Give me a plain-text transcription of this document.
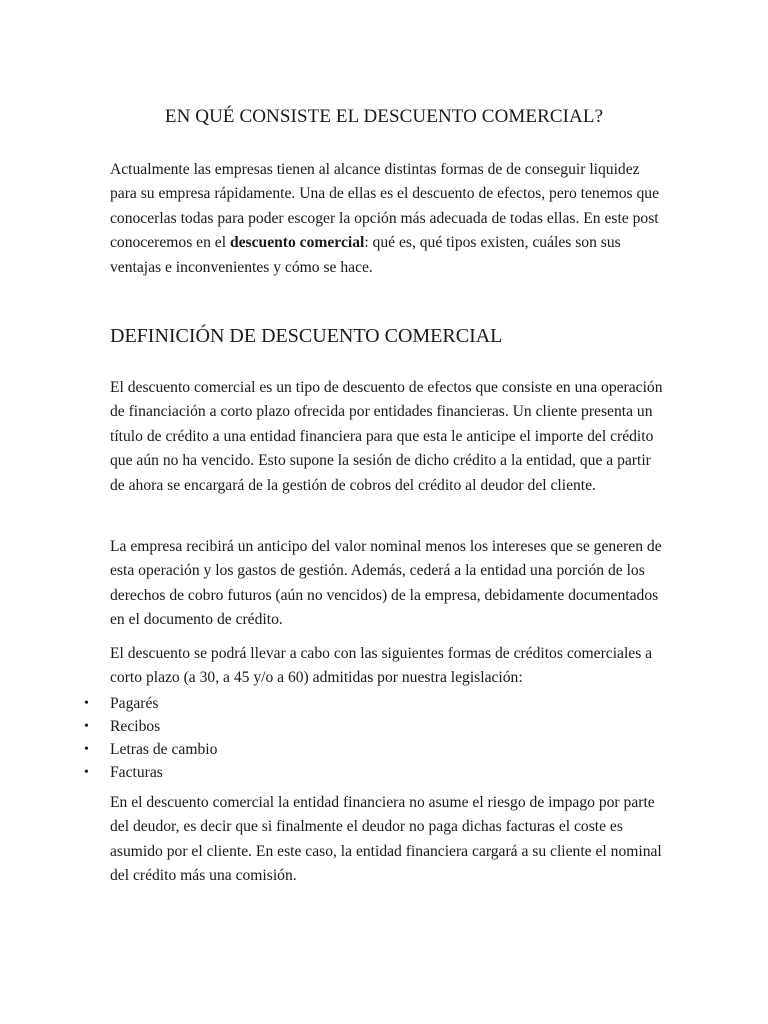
EN QUÉ CONSISTE EL DESCUENTO COMERCIAL?

Actualmente las empresas tienen al alcance distintas formas de de conseguir liquidez para su empresa rápidamente. Una de ellas es el descuento de efectos, pero tenemos que conocerlas todas para poder escoger la opción más adecuada de todas ellas. En este post conoceremos en el descuento comercial: qué es, qué tipos existen, cuáles son sus ventajas e inconvenientes y cómo se hace.

DEFINICIÓN DE DESCUENTO COMERCIAL

El descuento comercial es un tipo de descuento de efectos que consiste en una operación de financiación a corto plazo ofrecida por entidades financieras. Un cliente presenta un título de crédito a una entidad financiera para que esta le anticipe el importe del crédito que aún no ha vencido. Esto supone la sesión de dicho crédito a la entidad, que a partir de ahora se encargará de la gestión de cobros del crédito al deudor del cliente.

La empresa recibirá un anticipo del valor nominal menos los intereses que se generen de esta operación y los gastos de gestión. Además, cederá a la entidad una porción de los derechos de cobro futuros (aún no vencidos) de la empresa, debidamente documentados en el documento de crédito.

El descuento se podrá llevar a cabo con las siguientes formas de créditos comerciales a corto plazo (a 30, a 45 y/o a 60) admitidas por nuestra legislación:

• Pagarés
• Recibos
• Letras de cambio
• Facturas

En el descuento comercial la entidad financiera no asume el riesgo de impago por parte del deudor, es decir que si finalmente el deudor no paga dichas facturas el coste es asumido por el cliente. En este caso, la entidad financiera cargará a su cliente el nominal del crédito más una comisión.
